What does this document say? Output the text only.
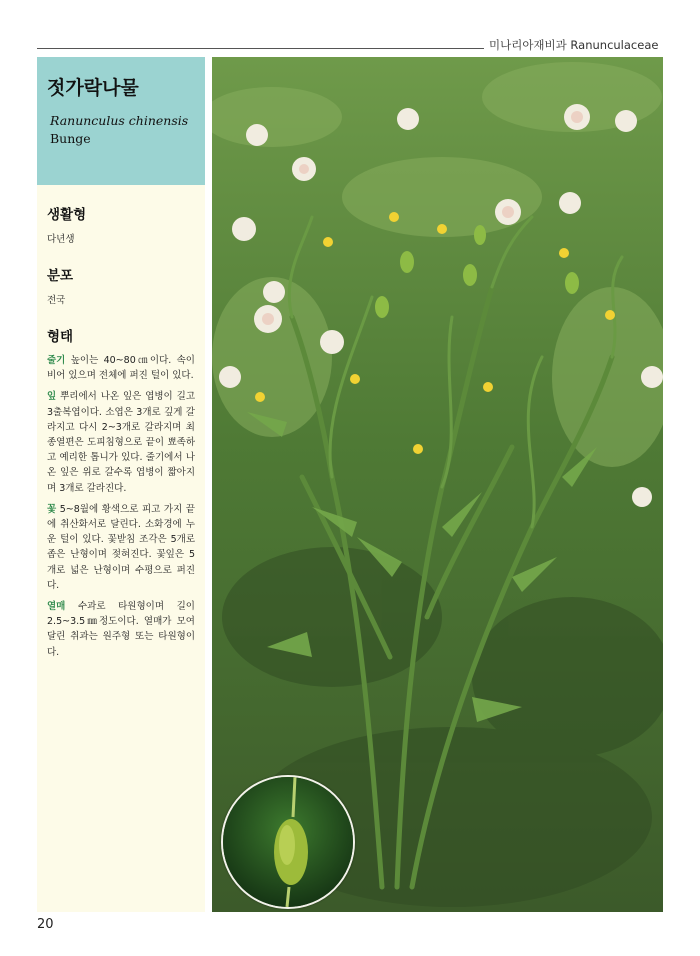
미나리아재비과 Ranunculaceae
젓가락나물
Ranunculus chinensis
Bunge
생활형
다년생
분포
전국
형태

줄기 높이는 40~80㎝이다. 속이 비어 있으며 전체에 퍼진 털이 있다.

잎 뿌리에서 나온 잎은 엽병이 길고 3출복엽이다. 소엽은 3개로 깊게 갈라지고 다시 2~3개로 갈라지며 최종열편은 도피침형으로 끝이 뾰족하고 예리한 톱니가 있다. 줄기에서 나온 잎은 위로 갈수록 엽병이 짧아지며 3개로 갈라진다.

꽃 5~8월에 황색으로 피고 가지 끝에 취산화서로 달린다. 소화경에 누운 털이 있다. 꽃받침 조각은 5개로 좁은 난형이며 젖혀진다. 꽃잎은 5개로 넓은 난형이며 수평으로 퍼진다.

열매 수과로 타원형이며 길이 2.5~3.5㎜정도이다. 열매가 모여 달린 취과는 원주형 또는 타원형이다.

20
